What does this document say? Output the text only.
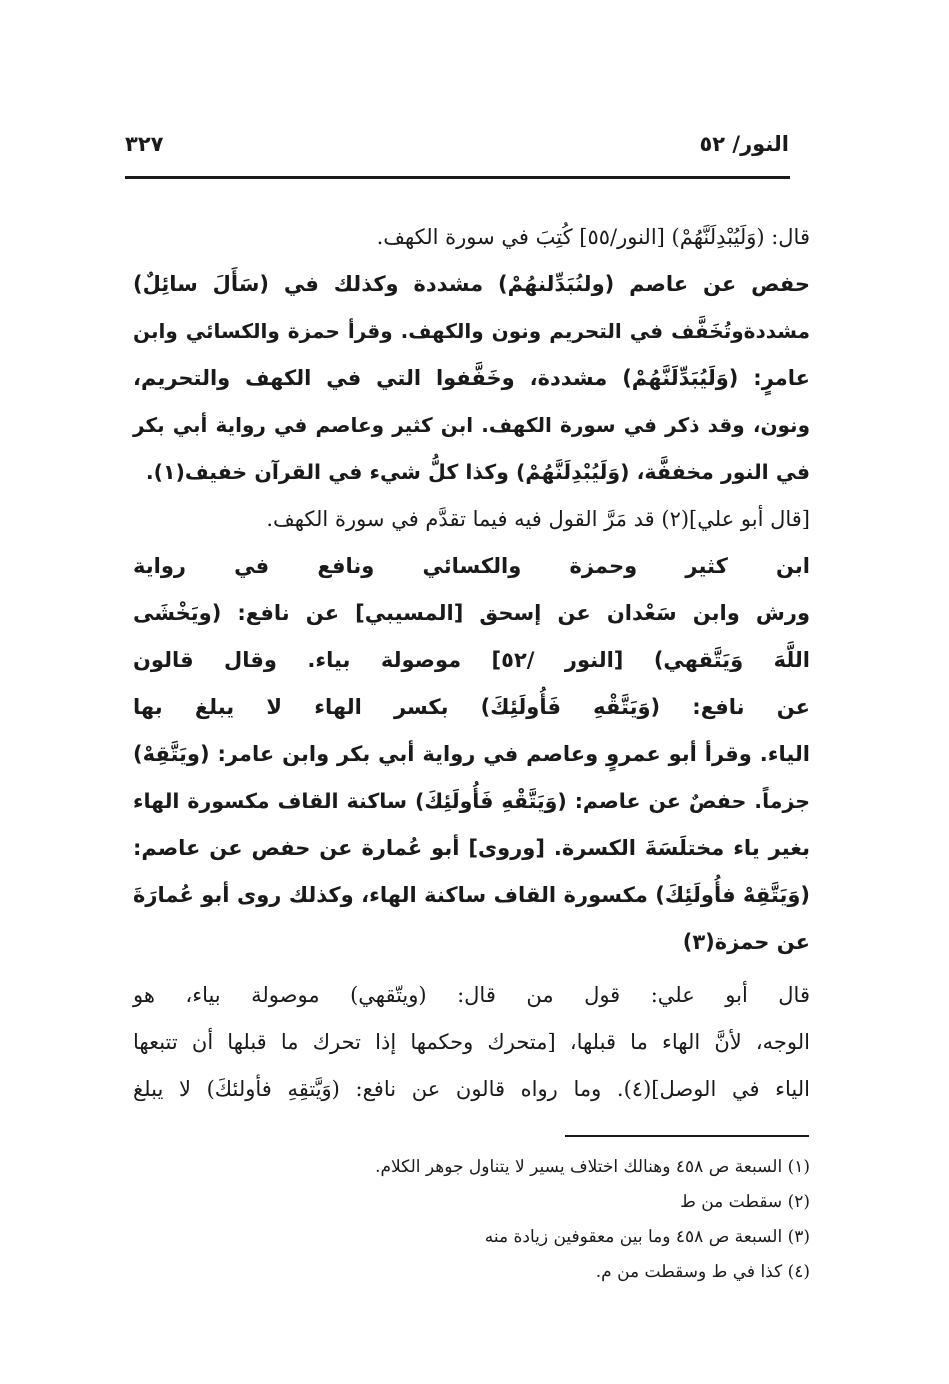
٣٢٧	النور/ ٥٢
قال: (وَلَيُبْدِلَنَّهُمْ) [النور/٥٥] كُتِبَ في سورة الكهف.
حفص عن عاصم (ولنُبَدِّلنهُمْ) مشددة وكذلك في (سَأَلَ سائِلٌ)
مشددةوتُخَفَّف في التحريم ونون والكهف. وقرأ حمزة والكسائي وابن
عامرٍ: (وَلَيُبَدِّلَنَّهُمْ) مشددة، وخَفَّفوا التي في الكهف والتحريم،
ونون، وقد ذكر في سورة الكهف. ابن كثير وعاصم في رواية أبي بكر
في النور مخففَّة، (وَلَيُبْدِلَنَّهُمْ) وكذا كلُّ شيء في القرآن خفيف(١).
[قال أبو علي](٢) قد مَرَّ القول فيه فيما تقدَّم في سورة الكهف.
ابن كثير وحمزة والكسائي ونافع في رواية
ورش وابن سَعْدان عن إسحق [المسيبي] عن نافع: (ويَخْشَى
اللَّهَ وَيَتَّقهي) [النور /٥٢] موصولة بياء. وقال قالون
عن نافع: (وَيَتَّقْهِ فَأُولَئِكَ) بكسر الهاء لا يبلغ بها
الياء. وقرأ أبو عمروٍ وعاصم في رواية أبي بكر وابن عامر: (ويَتَّقِهْ)
جزماً. حفصٌ عن عاصم: (وَيَتَّقْهِ فَأُولَئِكَ) ساكنة القاف مكسورة الهاء
بغير ياء مختلَسَةَ الكسرة. [وروى] أبو عُمارة عن حفص عن عاصم:
(وَيَتَّقِهْ فأُولَئِكَ) مكسورة القاف ساكنة الهاء، وكذلك روى أبو عُمارَةَ
عن حمزة(٣)
قال أبو علي: قول من قال: (ويتّقهي) موصولة بياء، هو
الوجه، لأنَّ الهاء ما قبلها، [متحرك وحكمها إذا تحرك ما قبلها أن تتبعها
الياء في الوصل](٤). وما رواه قالون عن نافع: (وَيَّتقِهِ فأولئكَ) لا يبلغ
(١) السبعة ص ٤٥٨ وهنالك اختلاف يسير لا يتناول جوهر الكلام.
(٢) سقطت من ط
(٣) السبعة ص ٤٥٨ وما بين معقوفين زيادة منه
(٤) كذا في ط وسقطت من م.
